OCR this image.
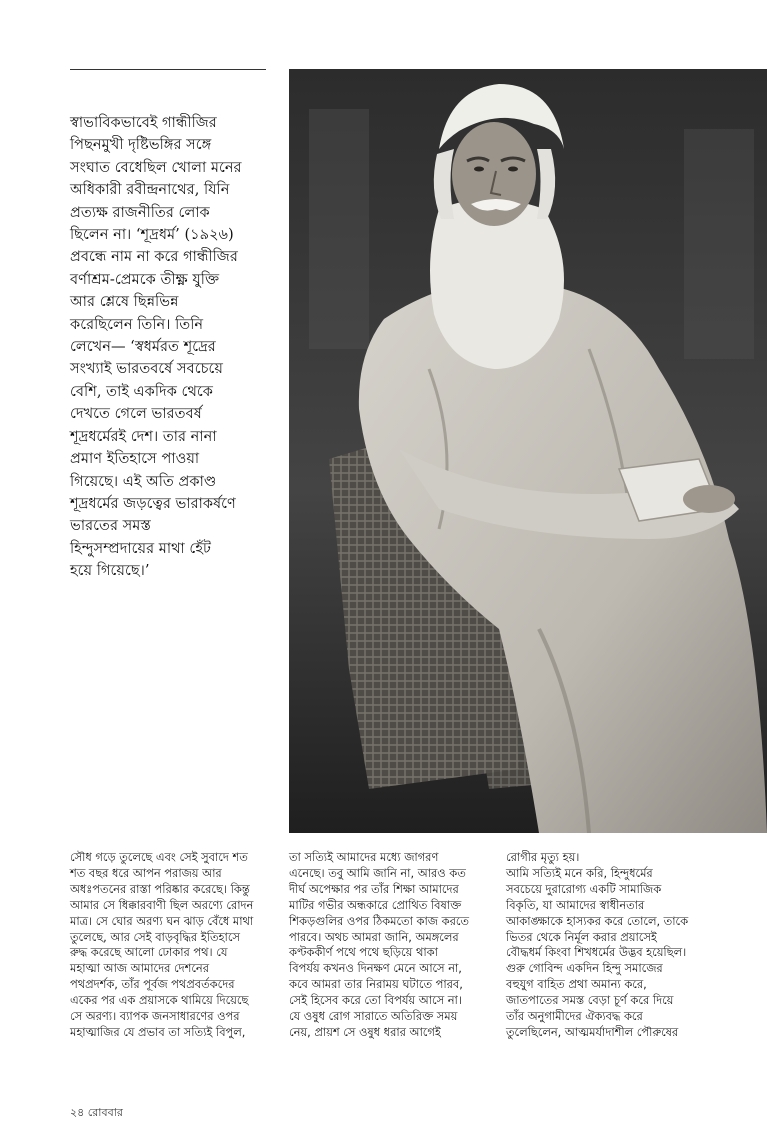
স্বাভাবিকভাবেই গান্ধীজির
পিছনমুখী দৃষ্টিভঙ্গির সঙ্গে
সংঘাত বেধেছিল খোলা মনের
অধিকারী রবীন্দ্রনাথের, যিনি
প্রত্যক্ষ রাজনীতির লোক
ছিলেন না। ‘শূদ্রধর্ম’ (১৯২৬)
প্রবন্ধে নাম না করে গান্ধীজির
বর্ণাশ্রম-প্রেমকে তীক্ষ্ণ যুক্তি
আর শ্লেষে ছিন্নভিন্ন
করেছিলেন তিনি। তিনি
লেখেন— ‘স্বধর্মরত শূদ্রের
সংখ্যাই ভারতবর্ষে সবচেয়ে
বেশি, তাই একদিক থেকে
দেখতে গেলে ভারতবর্ষ
শূদ্রধর্মেরই দেশ। তার নানা
প্রমাণ ইতিহাসে পাওয়া
গিয়েছে। এই অতি প্রকাণ্ড
শূদ্রধর্মের জড়ত্বের ভারাকর্ষণে
ভারতের সমস্ত
হিন্দুসম্প্রদায়ের মাথা হেঁট
হয়ে গিয়েছে।’

সৌধ গড়ে তুলেছে এবং সেই সুবাদে শত
শত বছর ধরে আপন পরাজয় আর
অধঃপতনের রাস্তা পরিষ্কার করেছে। কিন্তু
আমার সে ধিক্কারবাণী ছিল অরণ্যে রোদন
মাত্র। সে ঘোর অরণ্য ঘন ঝাড় বেঁধে মাথা
তুলেছে, আর সেই বাড়বৃদ্ধির ইতিহাসে
রুদ্ধ করেছে আলো ঢোকার পথ। যে
মহাত্মা আজ আমাদের দেশনের
পথপ্রদর্শক, তাঁর পূর্বজ পথপ্রবর্তকদের
একের পর এক প্রয়াসকে থামিয়ে দিয়েছে
সে অরণ্য। ব্যাপক জনসাধারণের ওপর
মহাত্মাজির যে প্রভাব তা সত্যিই বিপুল,

তা সত্যিই আমাদের মধ্যে জাগরণ
এনেছে। তবু আমি জানি না, আরও কত
দীর্ঘ অপেক্ষার পর তাঁর শিক্ষা আমাদের
মাটির গভীর অন্ধকারে প্রোথিত বিষাক্ত
শিকড়গুলির ওপর ঠিকমতো কাজ করতে
পারবে। অথচ আমরা জানি, অমঙ্গলের
কণ্টককীর্ণ পথে পথে ছড়িয়ে থাকা
বিপর্যয় কখনও দিনক্ষণ মেনে আসে না,
কবে আমরা তার নিরাময় ঘটাতে পারব,
সেই হিসেব করে তো বিপর্যয় আসে না।
যে ওষুধ রোগ সারাতে অতিরিক্ত সময়
নেয়, প্রায়শ সে ওষুধ ধরার আগেই

রোগীর মৃত্যু হয়।
আমি সত্যিই মনে করি, হিন্দুধর্মের
সবচেয়ে দুরারোগ্য একটি সামাজিক
বিকৃতি, যা আমাদের স্বাধীনতার
আকাঙ্ক্ষাকে হাস্যকর করে তোলে, তাকে
ভিতর থেকে নির্মূল করার প্রয়াসেই
বৌদ্ধধর্ম কিংবা শিখধর্মের উদ্ভব হয়েছিল।
গুরু গোবিন্দ একদিন হিন্দু সমাজের
বহুযুগ বাহিত প্রথা অমান্য করে,
জাতপাতের সমস্ত বেড়া চূর্ণ করে দিয়ে
তাঁর অনুগামীদের ঐক্যবদ্ধ করে
তুলেছিলেন, আত্মমর্যাদাশীল পৌরুষের

২৪ রোববার
